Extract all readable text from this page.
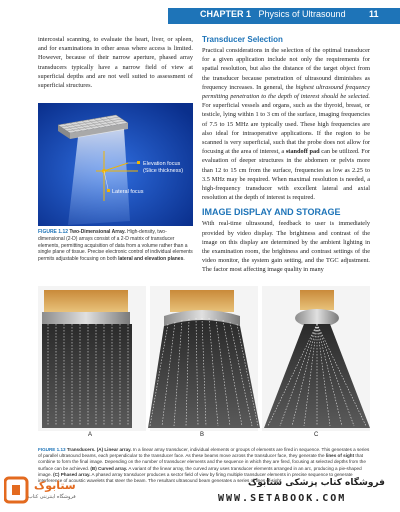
CHAPTER 1 Physics of Ultrasound	11

intercostal scanning, to evaluate the heart, liver, or spleen, and for examinations in other areas where access is limited. However, because of their narrow aperture, phased array transducers typically have a narrow field of view at superficial depths and are not well suited to assessment of superficial structures.

Elevation focus
(Slice thickness)
Lateral focus
FIGURE 1.12 Two-Dimensional Array. High-density, two-dimensional (2-D) arrays consist of a 2-D matrix of transducer elements, permitting acquisition of data from a volume rather than a single plane of tissue. Precise electronic control of individual elements permits adjustable focusing on both lateral and elevation planes.
Transducer Selection

Practical considerations in the selection of the optimal transducer for a given application include not only the requirements for spatial resolution, but also the distance of the target object from the transducer because penetration of ultrasound diminishes as frequency increases. In general, the highest ultrasound frequency permitting penetration to the depth of interest should be selected. For superficial vessels and organs, such as the thyroid, breast, or testicle, lying within 1 to 3 cm of the surface, imaging frequencies of 7.5 to 15 MHz are typically used. These high frequencies are also ideal for intraoperative applications. If the region to be scanned is very superficial, such that the probe does not allow for focusing at the area of interest, a standoff pad can be utilized. For evaluation of deeper structures in the abdomen or pelvis more than 12 to 15 cm from the surface, frequencies as low as 2.25 to 3.5 MHz may be required. When maximal resolution is needed, a high-frequency transducer with excellent lateral and axial resolution at the depth of interest is required.

IMAGE DISPLAY AND STORAGE

With real-time ultrasound, feedback to user is immediately provided by video display. The brightness and contrast of the image on this display are determined by the ambient lighting in the examination room, the brightness and contrast settings of the video monitor, the system gain setting, and the TGC adjustment. The factor most affecting image quality in many

A	B	C
FIGURE 1.13 Transducers. (A) Linear array. In a linear array transducer, individual elements or groups of elements are fired in sequence. This generates a series of parallel ultrasound beams, each perpendicular to the transducer face. As these beams move across the transducer face, they generate the lines of sight that combine to form the final image. Depending on the number of transducer elements and the sequence in which they are fired, focusing at selected depths from the surface can be achieved. (B) Curved array. A variant of the linear array, the curved array uses transducer elements arranged in an arc, producing a pie-shaped image. (C) Phased array. A phased array transducer produces a sector field of view by firing multiple transducer elements in precise sequence to generate interference of acoustic wavelets that steer the beam. The resultant ultrasound beam generates a series of lines of sight
ستابوک
فروشگاه اینترنتی کتاب
فروشگاه کتاب پزشکی ستابوک
WWW.SETABOOK.COM
